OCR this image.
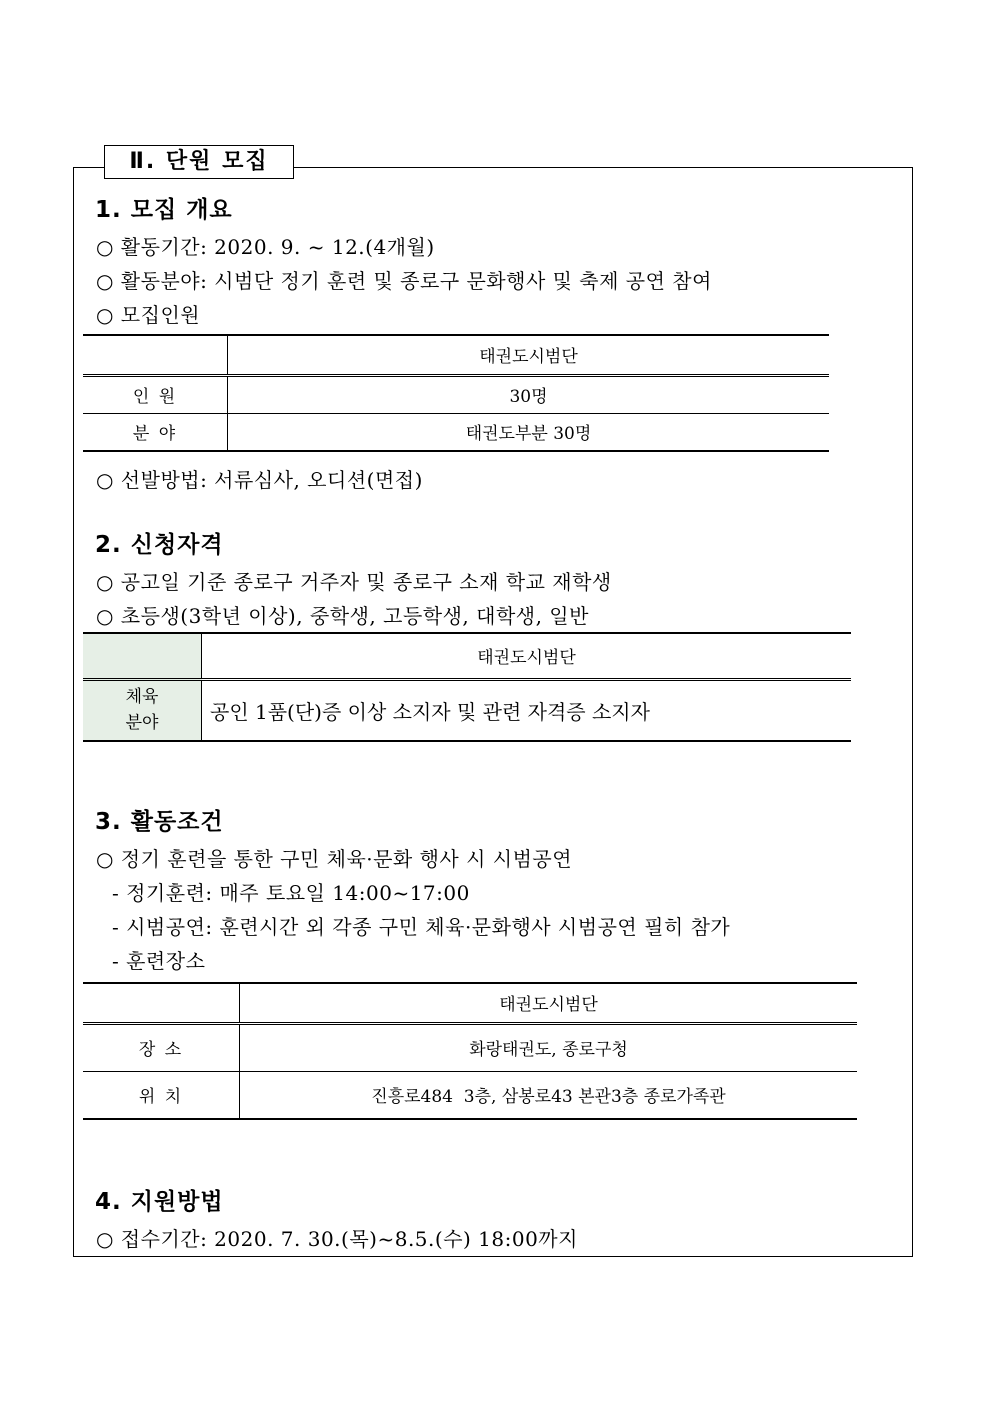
Ⅱ. 단원 모집
1. 모집 개요
○ 활동기간: 2020. 9. ~ 12.(4개월)
○ 활동분야: 시범단 정기 훈련 및 종로구 문화행사 및 축제 공연 참여
○ 모집인원
	태권도시범단
인 원	30명
분 야	태권도부분 30명
○ 선발방법: 서류심사, 오디션(면접)
2. 신청자격
○ 공고일 기준 종로구 거주자 및 종로구 소재 학교 재학생
○ 초등생(3학년 이상), 중학생, 고등학생, 대학생, 일반
	태권도시범단

체육
분야	공인 1품(단)증 이상 소지자 및 관련 자격증 소지자
3. 활동조건
○ 정기 훈련을 통한 구민 체육·문화 행사 시 시범공연
- 정기훈련: 매주 토요일 14:00~17:00
- 시범공연: 훈련시간 외 각종 구민 체육·문화행사 시범공연 필히 참가
- 훈련장소
	태권도시범단
장 소	화랑태권도, 종로구청
위 치	진흥로484  3층, 삼봉로43 본관3층 종로가족관
4. 지원방법
○ 접수기간: 2020. 7. 30.(목)~8.5.(수) 18:00까지
